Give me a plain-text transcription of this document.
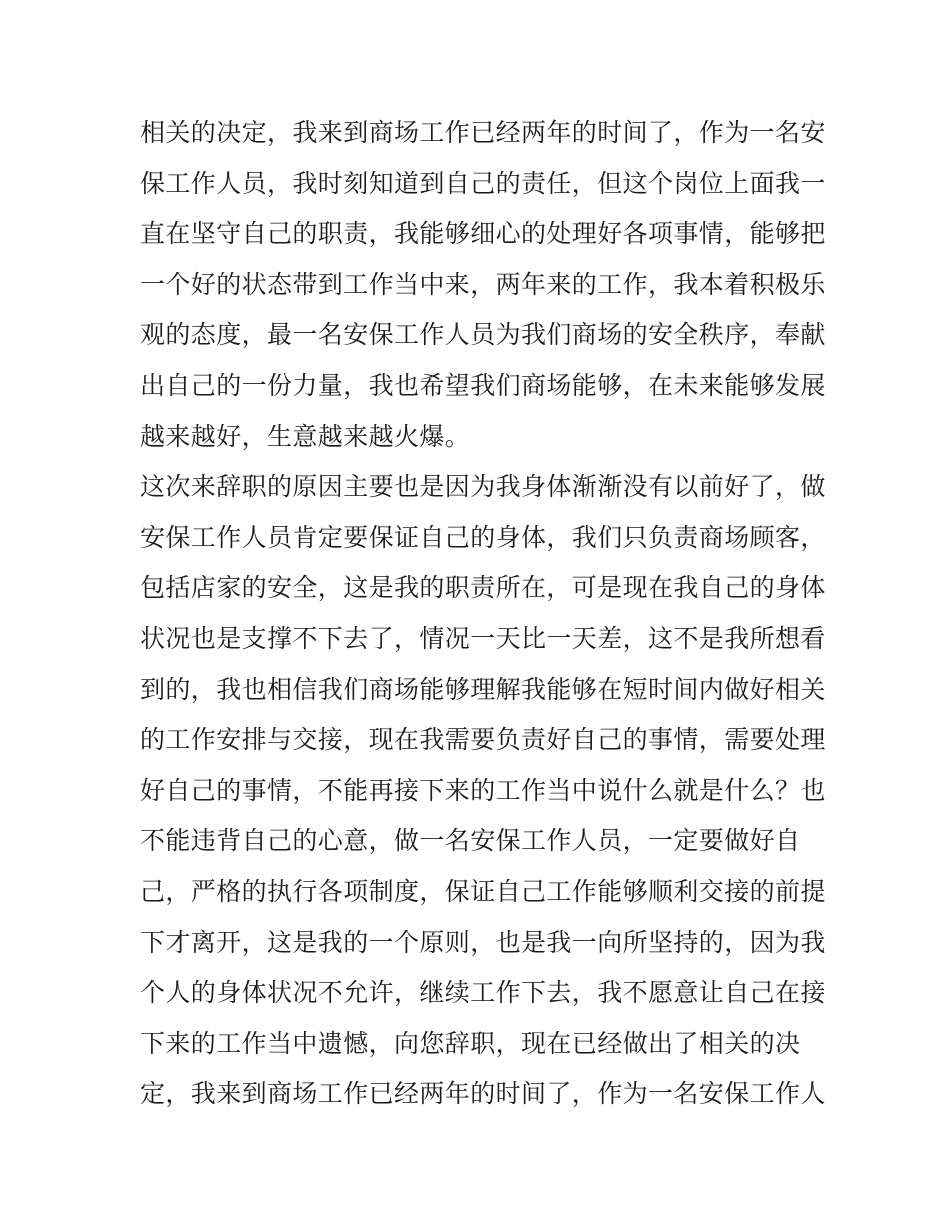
相关的决定，我来到商场工作已经两年的时间了，作为一名安
保工作人员，我时刻知道到自己的责任，但这个岗位上面我一
直在坚守自己的职责，我能够细心的处理好各项事情，能够把
一个好的状态带到工作当中来，两年来的工作，我本着积极乐
观的态度，最一名安保工作人员为我们商场的安全秩序，奉献
出自己的一份力量，我也希望我们商场能够，在未来能够发展
越来越好，生意越来越火爆。
这次来辞职的原因主要也是因为我身体渐渐没有以前好了，做
安保工作人员肯定要保证自己的身体，我们只负责商场顾客，
包括店家的安全，这是我的职责所在，可是现在我自己的身体
状况也是支撑不下去了，情况一天比一天差，这不是我所想看
到的，我也相信我们商场能够理解我能够在短时间内做好相关
的工作安排与交接，现在我需要负责好自己的事情，需要处理
好自己的事情，不能再接下来的工作当中说什么就是什么？也
不能违背自己的心意，做一名安保工作人员，一定要做好自
己，严格的执行各项制度，保证自己工作能够顺利交接的前提
下才离开，这是我的一个原则，也是我一向所坚持的，因为我
个人的身体状况不允许，继续工作下去，我不愿意让自己在接
下来的工作当中遗憾，向您辞职，现在已经做出了相关的决
定，我来到商场工作已经两年的时间了，作为一名安保工作人
